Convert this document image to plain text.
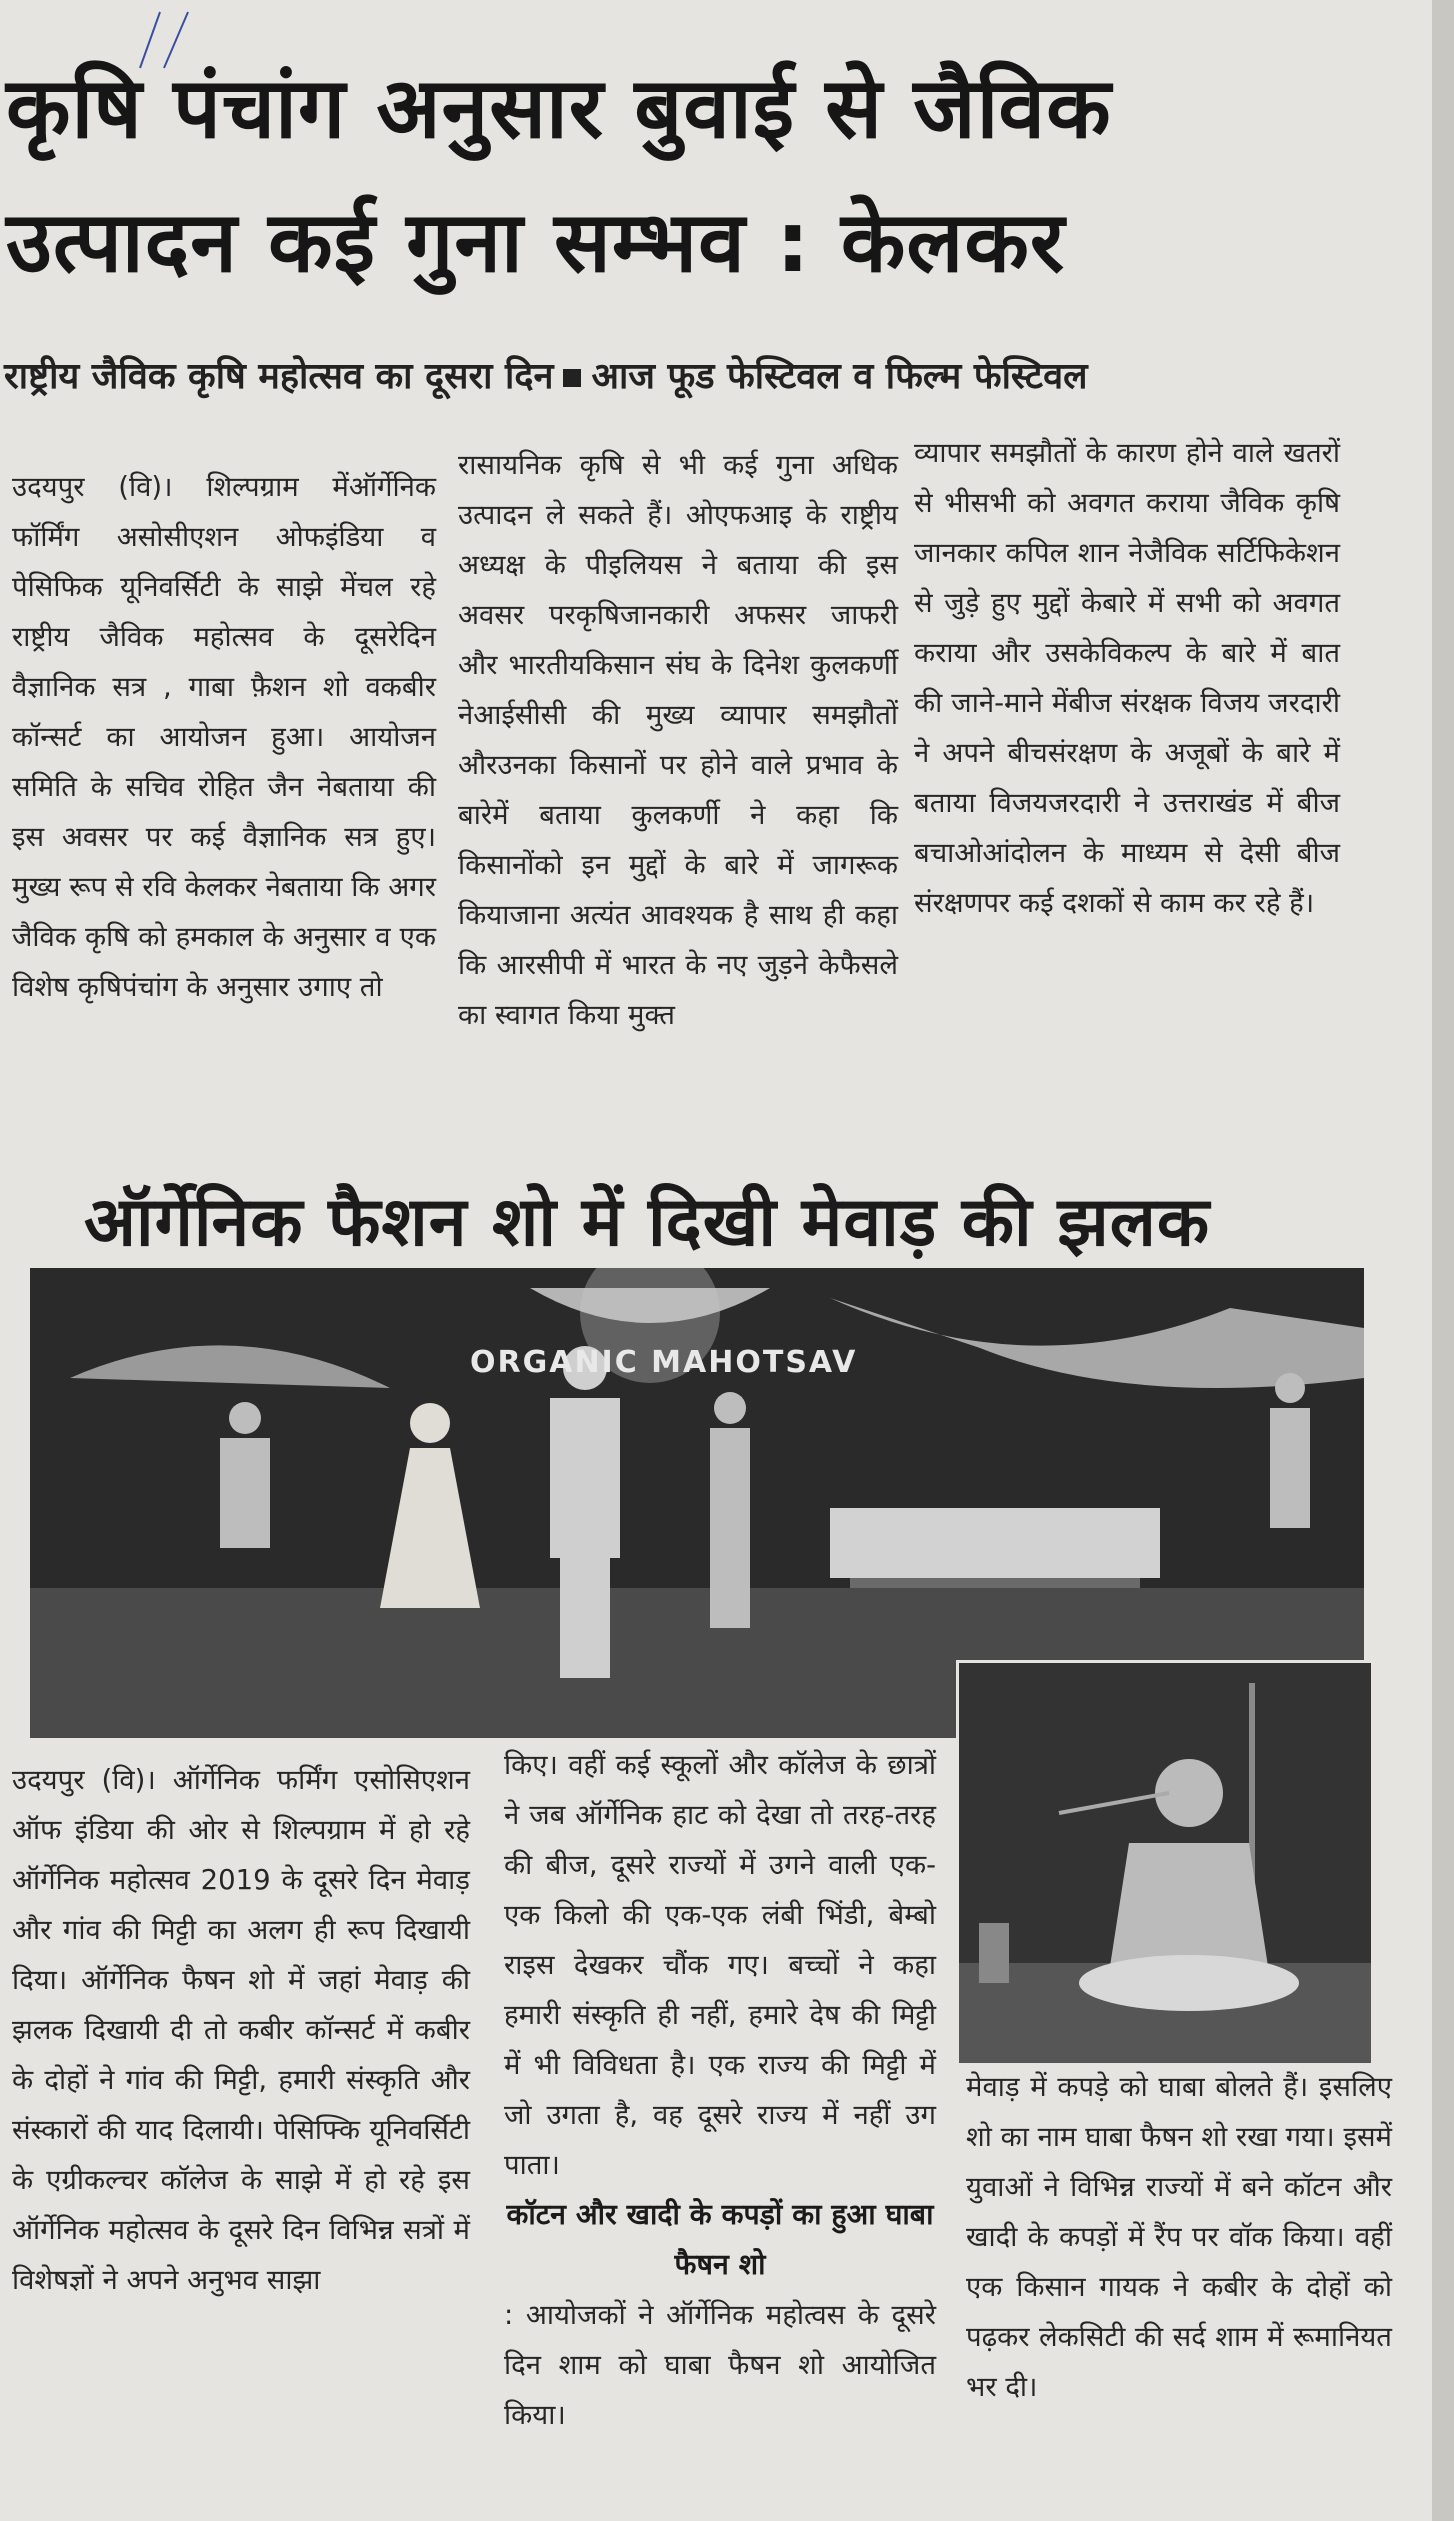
कृषि पंचांग अनुसार बुवाई से जैविक
उत्पादन कई गुना सम्भव : केलकर
राष्ट्रीय जैविक कृषि महोत्सव का दूसरा दिन आज फूड फेस्टिवल व फिल्म फेस्टिवल

उदयपुर (वि)। शिल्पग्राम मेंऑर्गेनिक फॉर्मिंग असोसीएशन ओफइंडिया व पेसिफिक यूनिवर्सिटी के साझे मेंचल रहे राष्ट्रीय जैविक महोत्सव के दूसरेदिन वैज्ञानिक सत्र , गाबा फ़ैशन शो वकबीर कॉन्सर्ट का आयोजन हुआ। आयोजन समिति के सचिव रोहित जैन नेबताया की इस अवसर पर कई वैज्ञानिक सत्र हुए। मुख्य रूप से रवि केलकर नेबताया कि अगर जैविक कृषि को हमकाल के अनुसार व एक विशेष कृषिपंचांग के अनुसार उगाए तो

रासायनिक कृषि से भी कई गुना अधिक उत्पादन ले सकते हैं। ओएफआइ के राष्ट्रीय अध्यक्ष के पीइलियस ने बताया की इस अवसर परकृषिजानकारी अफसर जाफरी और भारतीयकिसान संघ के दिनेश कुलकर्णी नेआईसीसी की मुख्य व्यापार समझौतों औरउनका किसानों पर होने वाले प्रभाव के बारेमें बताया कुलकर्णी ने कहा कि किसानोंको इन मुद्दों के बारे में जागरूक कियाजाना अत्यंत आवश्यक है साथ ही कहा कि आरसीपी में भारत के नए जुड़ने केफैसले का स्वागत किया मुक्त

व्यापार समझौतों के कारण होने वाले खतरों से भीसभी को अवगत कराया जैविक कृषि जानकार कपिल शान नेजैविक सर्टिफिकेशन से जुड़े हुए मुद्दों केबारे में सभी को अवगत कराया और उसकेविकल्प के बारे में बात की जाने-माने मेंबीज संरक्षक विजय जरदारी ने अपने बीचसंरक्षण के अजूबों के बारे में बताया विजयजरदारी ने उत्तराखंड में बीज बचाओआंदोलन के माध्यम से देसी बीज संरक्षणपर कई दशकों से काम कर रहे हैं।

ऑर्गेनिक फैशन शो में दिखी मेवाड़ की झलक
ORGANIC MAHOTSAV

उदयपुर (वि)। ऑर्गेनिक फर्मिंग एसोसिएशन ऑफ इंडिया की ओर से शिल्पग्राम में हो रहे ऑर्गेनिक महोत्सव 2019 के दूसरे दिन मेवाड़ और गांव की मिट्टी का अलग ही रूप दिखायी दिया। ऑर्गेनिक फैषन शो में जहां मेवाड़ की झलक दिखायी दी तो कबीर कॉन्सर्ट में कबीर के दोहों ने गांव की मिट्टी, हमारी संस्कृति और संस्कारों की याद दिलायी। पेसिफ्कि यूनिवर्सिटी के एग्रीकल्चर कॉलेज के साझे में हो रहे इस ऑर्गेनिक महोत्सव के दूसरे दिन विभिन्न सत्रों में विशेषज्ञों ने अपने अनुभव साझा

किए। वहीं कई स्कूलों और कॉलेज के छात्रों ने जब ऑर्गेनिक हाट को देखा तो तरह-तरह की बीज, दूसरे राज्यों में उगने वाली एक-एक किलो की एक-एक लंबी भिंडी, बेम्बो राइस देखकर चौंक गए। बच्चों ने कहा हमारी संस्कृति ही नहीं, हमारे देष की मिट्टी में भी विविधता है। एक राज्य की मिट्टी में जो उगता है, वह दूसरे राज्य में नहीं उग पाता।

कॉटन और खादी के कपड़ों का हुआ घाबा फैषन शो

: आयोजकों ने ऑर्गेनिक महोत्वस के दूसरे दिन शाम को घाबा फैषन शो आयोजित किया।

मेवाड़ में कपड़े को घाबा बोलते हैं। इसलिए शो का नाम घाबा फैषन शो रखा गया। इसमें युवाओं ने विभिन्न राज्यों में बने कॉटन और खादी के कपड़ों में रैंप पर वॉक किया। वहीं एक किसान गायक ने कबीर के दोहों को पढ़कर लेकसिटी की सर्द शाम में रूमानियत भर दी।
